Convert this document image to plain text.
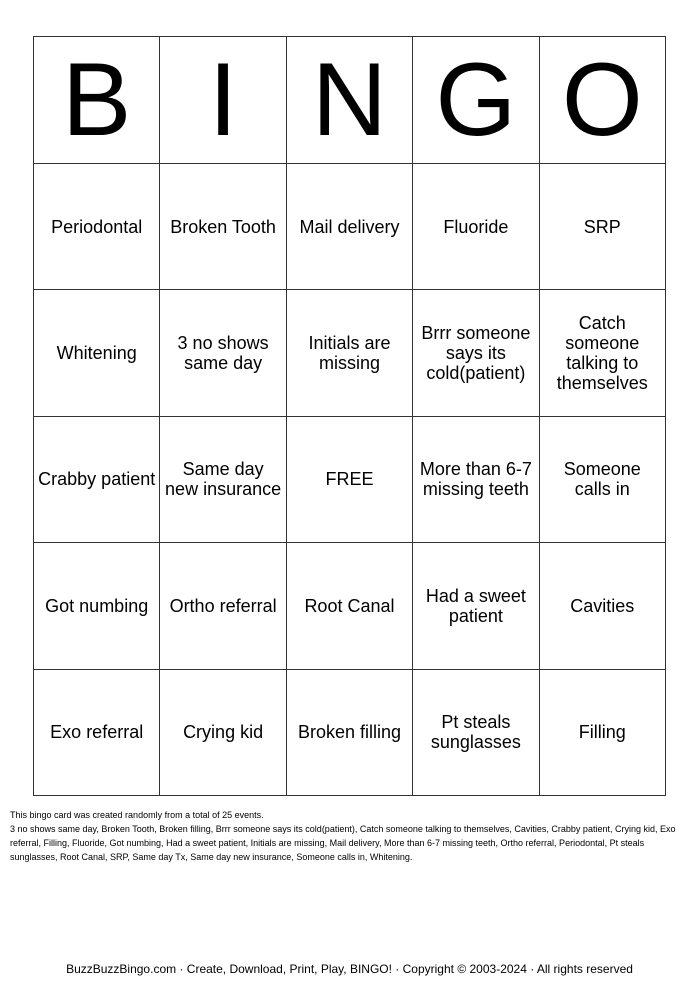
B	I	N	G	O
Periodontal	Broken Tooth	Mail delivery	Fluoride	SRP
Whitening	3 no shows same day	Initials are missing	Brrr someone says its cold(patient)	Catch someone talking to themselves
Crabby patient	Same day new insurance	FREE	More than 6-7 missing teeth	Someone calls in
Got numbing	Ortho referral	Root Canal	Had a sweet patient	Cavities
Exo referral	Crying kid	Broken filling	Pt steals sunglasses	Filling

This bingo card was created randomly from a total of 25 events.

3 no shows same day, Broken Tooth, Broken filling, Brrr someone says its cold(patient), Catch someone talking to themselves, Cavities, Crabby patient, Crying kid, Exo referral, Filling, Fluoride, Got numbing, Had a sweet patient, Initials are missing, Mail delivery, More than 6-7 missing teeth, Ortho referral, Periodontal, Pt steals sunglasses, Root Canal, SRP, Same day Tx, Same day new insurance, Someone calls in, Whitening.

BuzzBuzzBingo.com · Create, Download, Print, Play, BINGO! · Copyright © 2003-2024 · All rights reserved
